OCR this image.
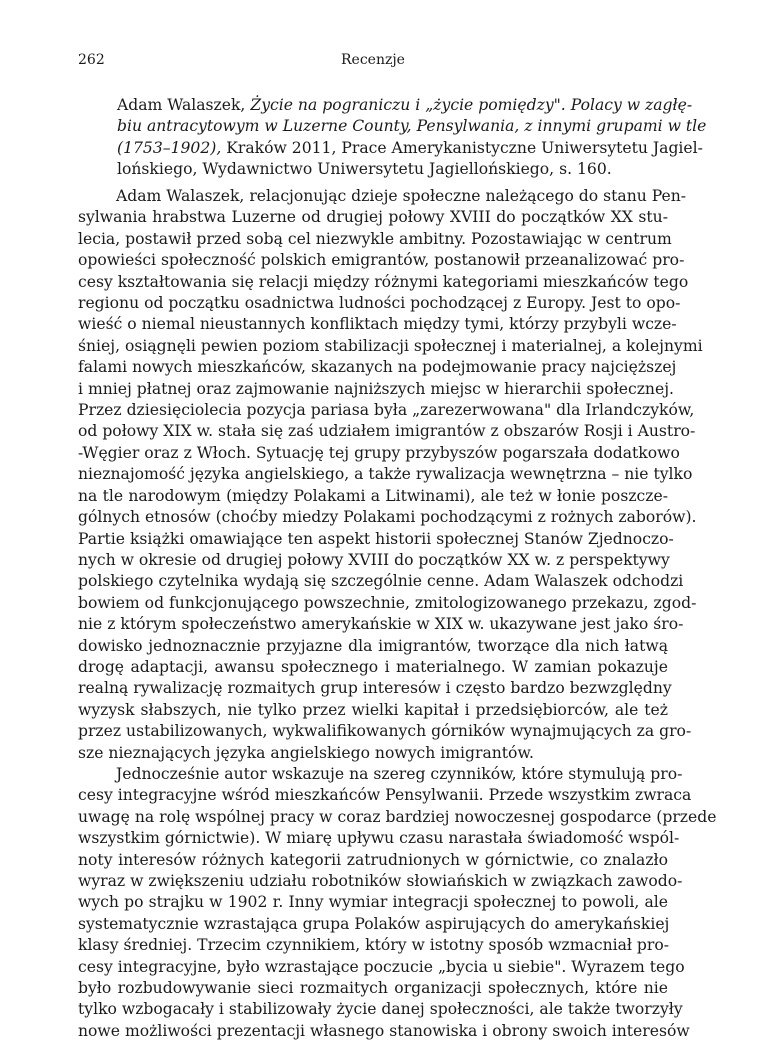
262	Recenzje

Adam Walaszek, Życie na pograniczu i „życie pomiędzy". Polacy w zagłę-
biu antracytowym w Luzerne County, Pensylwania, z innymi grupami w tle
(1753–1902), Kraków 2011, Prace Amerykanistyczne Uniwersytetu Jagiel-
lońskiego, Wydawnictwo Uniwersytetu Jagiellońskiego, s. 160.

Adam Walaszek, relacjonując dzieje społeczne należącego do stanu Pen-
sylwania hrabstwa Luzerne od drugiej połowy XVIII do początków XX stu-
lecia, postawił przed sobą cel niezwykle ambitny. Pozostawiając w centrum
opowieści społeczność polskich emigrantów, postanowił przeanalizować pro-
cesy kształtowania się relacji między różnymi kategoriami mieszkańców tego
regionu od początku osadnictwa ludności pochodzącej z Europy. Jest to opo-
wieść o niemal nieustannych konfliktach między tymi, którzy przybyli wcze-
śniej, osiągnęli pewien poziom stabilizacji społecznej i materialnej, a kolejnymi
falami nowych mieszkańców, skazanych na podejmowanie pracy najcięższej
i mniej płatnej oraz zajmowanie najniższych miejsc w hierarchii społecznej.
Przez dziesięciolecia pozycja pariasa była „zarezerwowana" dla Irlandczyków,
od połowy XIX w. stała się zaś udziałem imigrantów z obszarów Rosji i Austro-
-Węgier oraz z Włoch. Sytuację tej grupy przybyszów pogarszała dodatkowo
nieznajomość języka angielskiego, a także rywalizacja wewnętrzna – nie tylko
na tle narodowym (między Polakami a Litwinami), ale też w łonie poszcze-
gólnych etnosów (choćby miedzy Polakami pochodzącymi z rożnych zaborów).
Partie książki omawiające ten aspekt historii społecznej Stanów Zjednoczo-
nych w okresie od drugiej połowy XVIII do początków XX w. z perspektywy
polskiego czytelnika wydają się szczególnie cenne. Adam Walaszek odchodzi
bowiem od funkcjonującego powszechnie, zmitologizowanego przekazu, zgod-
nie z którym społeczeństwo amerykańskie w XIX w. ukazywane jest jako śro-
dowisko jednoznacznie przyjazne dla imigrantów, tworzące dla nich łatwą
drogę adaptacji, awansu społecznego i materialnego. W zamian pokazuje
realną rywalizację rozmaitych grup interesów i często bardzo bezwzględny
wyzysk słabszych, nie tylko przez wielki kapitał i przedsiębiorców, ale też
przez ustabilizowanych, wykwalifikowanych górników wynajmujących za gro-
sze nieznających języka angielskiego nowych imigrantów.
Jednocześnie autor wskazuje na szereg czynników, które stymulują pro-
cesy integracyjne wśród mieszkańców Pensylwanii. Przede wszystkim zwraca
uwagę na rolę wspólnej pracy w coraz bardziej nowoczesnej gospodarce (przede
wszystkim górnictwie). W miarę upływu czasu narastała świadomość wspól-
noty interesów różnych kategorii zatrudnionych w górnictwie, co znalazło
wyraz w zwiększeniu udziału robotników słowiańskich w związkach zawodo-
wych po strajku w 1902 r. Inny wymiar integracji społecznej to powoli, ale
systematycznie wzrastająca grupa Polaków aspirujących do amerykańskiej
klasy średniej. Trzecim czynnikiem, który w istotny sposób wzmacniał pro-
cesy integracyjne, było wzrastające poczucie „bycia u siebie". Wyrazem tego
było rozbudowywanie sieci rozmaitych organizacji społecznych, które nie
tylko wzbogacały i stabilizowały życie danej społeczności, ale także tworzyły
nowe możliwości prezentacji własnego stanowiska i obrony swoich interesów
